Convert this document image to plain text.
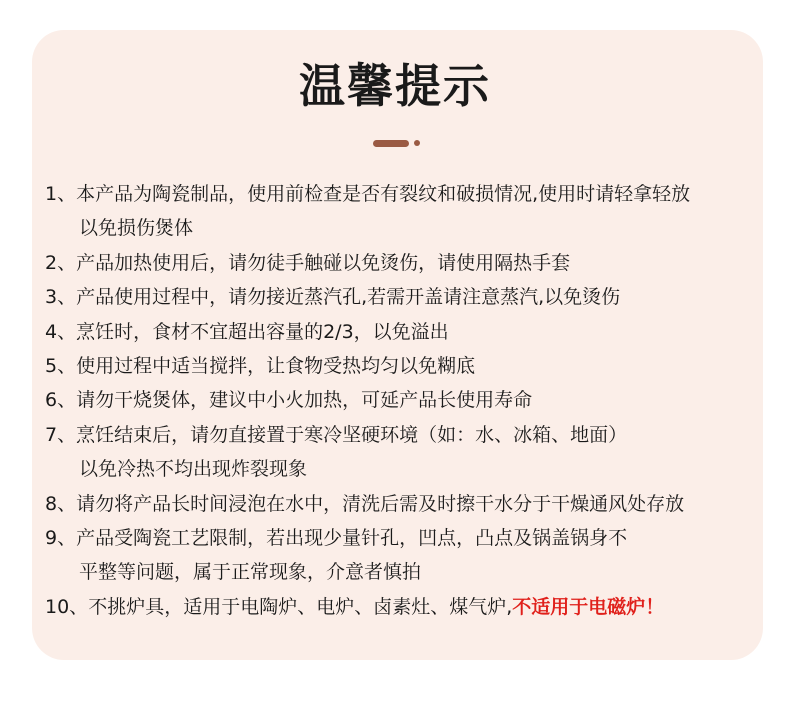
温馨提示
1、 本产品为陶瓷制品，使用前检查是否有裂纹和破损情况,使用时请轻拿轻放
以免损伤煲体
2、 产品加热使用后，请勿徒手触碰以免烫伤，请使用隔热手套
3、 产品使用过程中，请勿接近蒸汽孔,若需开盖请注意蒸汽,以免烫伤
4、 烹饪时，食材不宜超出容量的2/3，以免溢出
5、 使用过程中适当搅拌，让食物受热均匀以免糊底
6、 请勿干烧煲体，建议中小火加热，可延产品长使用寿命
7、 烹饪结束后，请勿直接置于寒冷坚硬环境（如：水、冰箱、地面）
以免冷热不均出现炸裂现象
8、 请勿将产品长时间浸泡在水中，清洗后需及时擦干水分于干燥通风处存放
9、 产品受陶瓷工艺限制，若出现少量针孔，凹点，凸点及锅盖锅身不
平整等问题，属于正常现象，介意者慎拍
10、 不挑炉具，适用于电陶炉、电炉、卤素灶、煤气炉,不适用于电磁炉！
